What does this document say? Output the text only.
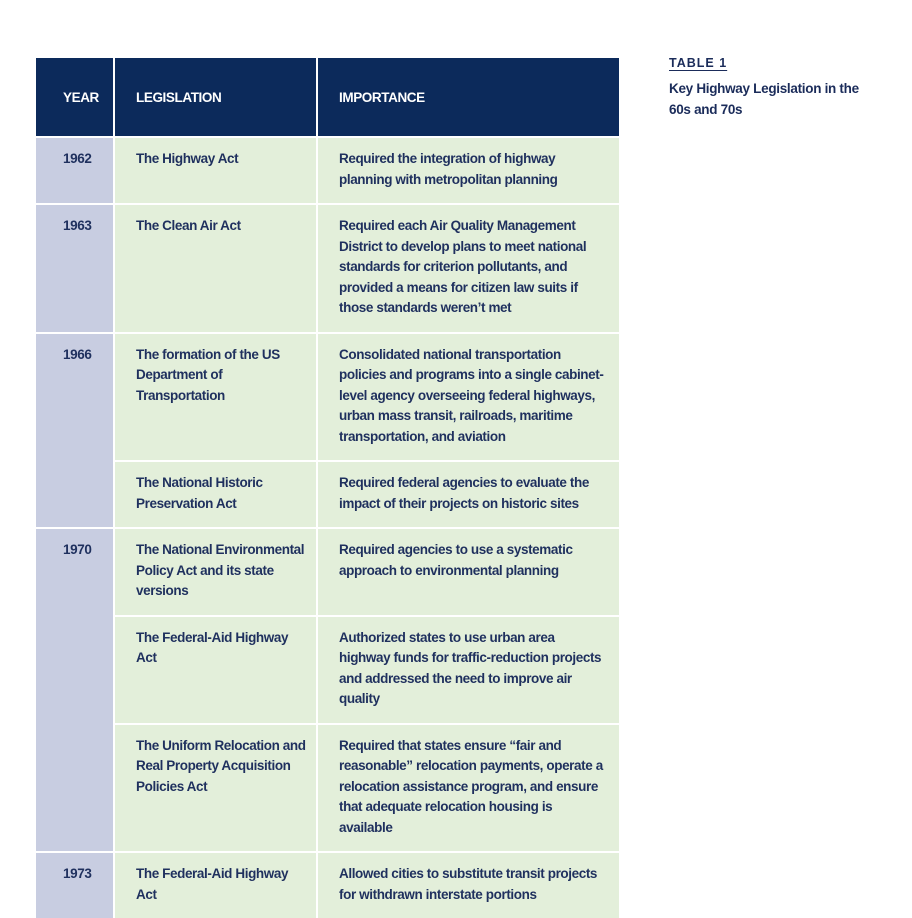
YEAR	LEGISLATION	IMPORTANCE
1962	The Highway Act	Required the integration of highway planning with metropolitan planning
1963	The Clean Air Act	Required each Air Quality Management District to develop plans to meet national standards for criterion pollutants, and provided a means for citizen law suits if those standards weren’t met
1966	The formation of the US Department of Transportation	Consolidated national transportation policies and programs into a single cabinet-level agency overseeing federal highways, urban mass transit, railroads, maritime transportation, and aviation
	The National Historic Preservation Act	Required federal agencies to evaluate the impact of their projects on historic sites
1970	The National Environmental Policy Act and its state versions	Required agencies to use a systematic approach to environmental planning
	The Federal-Aid Highway Act	Authorized states to use urban area highway funds for traffic-reduction projects and addressed the need to improve air quality
	The Uniform Relocation and Real Property Acquisition Policies Act	Required that states ensure “fair and reasonable” relocation payments, operate a relocation assistance program, and ensure that adequate relocation housing is available
1973	The Federal-Aid Highway Act	Allowed cities to substitute transit projects for withdrawn interstate portions
TABLE 1
Key Highway Legislation in the 60s and 70s
